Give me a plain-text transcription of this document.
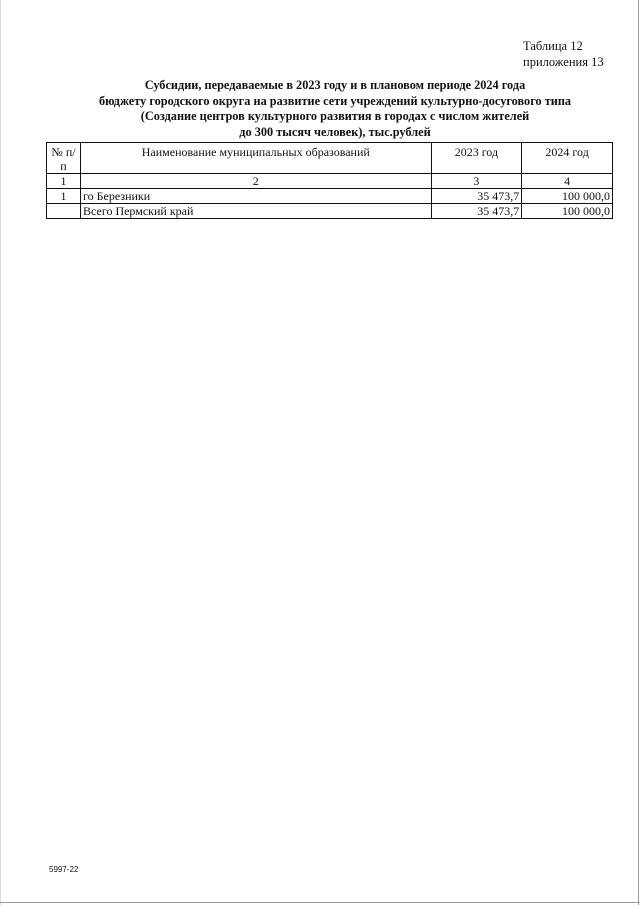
Таблица 12
приложения 13
Субсидии, передаваемые в 2023 году и в плановом периоде 2024 года
бюджету городского округа на развитие сети учреждений культурно-досугового типа
(Создание центров культурного развития в городах с числом жителей
до 300 тысяч человек), тыс.рублей
№ п/п	Наименование муниципальных образований	2023 год	2024 год
1	2	3	4
1	го Березники	35 473,7	100 000,0
	Всего Пермский край	35 473,7	100 000,0
5997-22
